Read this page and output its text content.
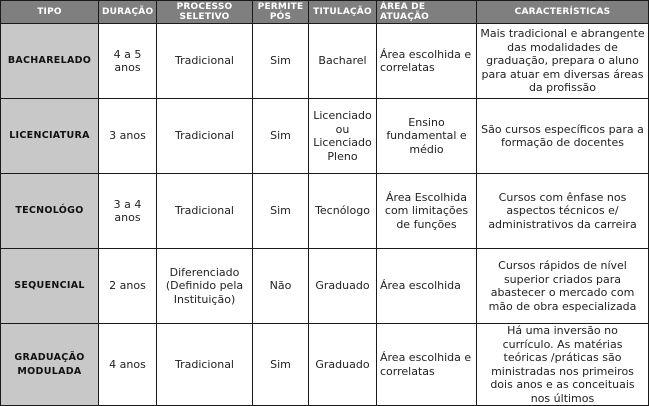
TIPO	DURAÇÃO	PROCESSO SELETIVO	PERMITE PÓS	TITULAÇÃO	ÁREA DE ATUAÇÃO	CARACTERÍSTICAS
BACHARELADO	4 a 5 anos	Tradicional	Sim	Bacharel	Área escolhida e correlatas	Mais tradicional e abrangente das modalidades de graduação, prepara o aluno para atuar em diversas áreas da profissão
LICENCIATURA	3 anos	Tradicional	Sim	Licenciado ou Licenciado Pleno	Ensino fundamental e médio	São cursos específicos para a formação de docentes
TECNOLÓGO	3 a 4 anos	Tradicional	Sim	Tecnólogo	Área Escolhida com limitações de funções	Cursos com ênfase nos aspectos técnicos e/ administrativos da carreira
SEQUENCIAL	2 anos	Diferenciado (Definido pela Instituição)	Não	Graduado	Área escolhida	Cursos rápidos de nível superior criados para abastecer o mercado com mão de obra especializada
GRADUAÇÃO MODULADA	4 anos	Tradicional	Sim	Graduado	Área escolhida e correlatas	Há uma inversão no currículo. As matérias teóricas /práticas são ministradas nos primeiros dois anos e as conceituais nos últimos
